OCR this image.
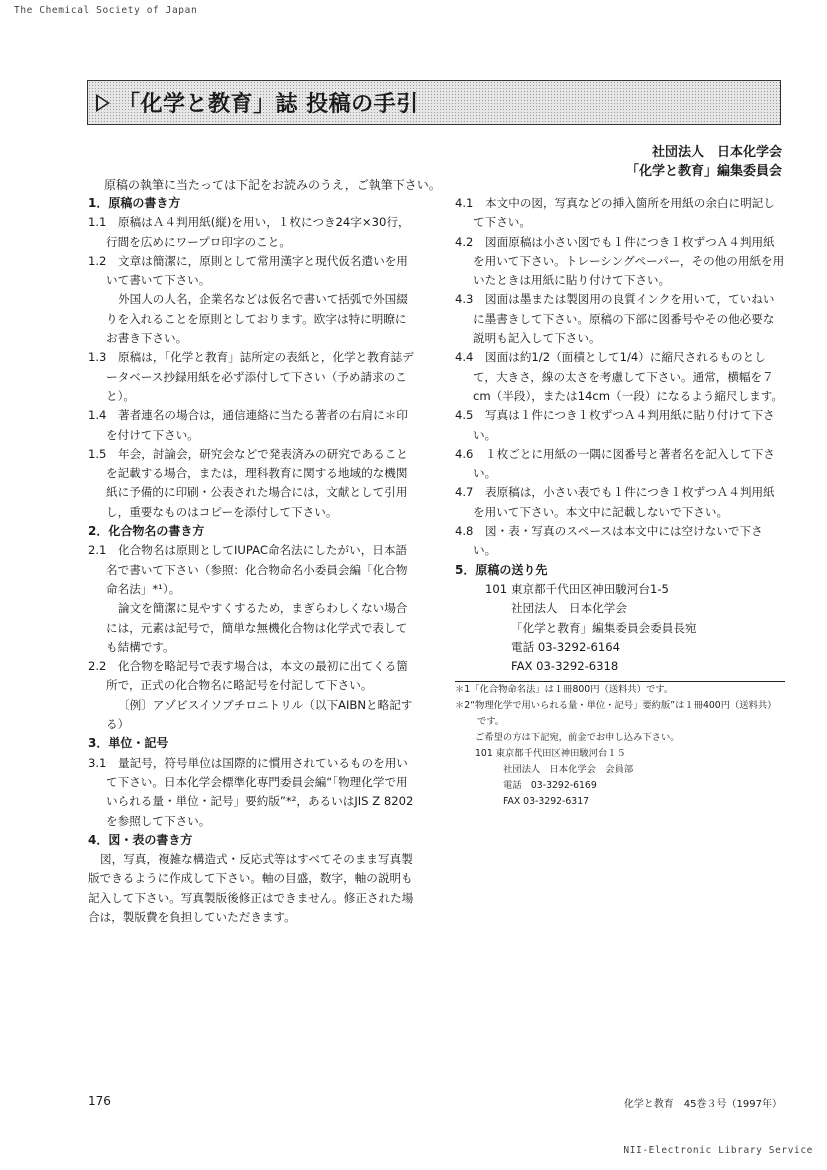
The Chemical Society of Japan
「化学と教育」誌 投稿の手引
社団法人　日本化学会
「化学と教育」編集委員会
原稿の執筆に当たっては下記をお読みのうえ，ご執筆下さい。
1．原稿の書き方
1.1　原稿はＡ４判用紙(縦)を用い，１枚につき24字×30行，行間を広めにワープロ印字のこと。
1.2　文章は簡潔に，原則として常用漢字と現代仮名遣いを用いて書いて下さい。
外国人の人名，企業名などは仮名で書いて括弧で外国綴りを入れることを原則としております。欧字は特に明瞭にお書き下さい。
1.3　原稿は，「化学と教育」誌所定の表紙と，化学と教育誌データベース抄録用紙を必ず添付して下さい（予め請求のこと）。
1.4　著者連名の場合は，通信連絡に当たる著者の右肩に＊印を付けて下さい。
1.5　年会，討論会，研究会などで発表済みの研究であることを記載する場合，または，理科教育に関する地域的な機関紙に予備的に印刷・公表された場合には，文献として引用し，重要なものはコピーを添付して下さい。
2．化合物名の書き方
2.1　化合物名は原則としてIUPAC命名法にしたがい，日本語名で書いて下さい（参照：化合物命名小委員会編「化合物命名法」*¹）。
論文を簡潔に見やすくするため，まぎらわしくない場合には，元素は記号で，簡単な無機化合物は化学式で表しても結構です。
2.2　化合物を略記号で表す場合は，本文の最初に出てくる箇所で，正式の化合物名に略記号を付記して下さい。
〔例〕アゾビスイソブチロニトリル（以下AIBNと略記する）
3．単位・記号
3.1　量記号，符号単位は国際的に慣用されているものを用いて下さい。日本化学会標準化専門委員会編“「物理化学で用いられる量・単位・記号」要約版”*²，あるいはJIS Z 8202を参照して下さい。
4．図・表の書き方
図，写真，複雑な構造式・反応式等はすべてそのまま写真製版できるように作成して下さい。軸の目盛，数字，軸の説明も記入して下さい。写真製版後修正はできません。修正された場合は，製版費を負担していただきます。
4.1　本文中の図，写真などの挿入箇所を用紙の余白に明記して下さい。
4.2　図面原稿は小さい図でも１件につき１枚ずつＡ４判用紙を用いて下さい。トレーシングペーパー，その他の用紙を用いたときは用紙に貼り付けて下さい。
4.3　図面は墨または製図用の良質インクを用いて，ていねいに墨書きして下さい。原稿の下部に図番号やその他必要な説明も記入して下さい。
4.4　図面は約1/2（面積として1/4）に縮尺されるものとして，大きさ，線の太さを考慮して下さい。通常，横幅を７cm（半段），または14cm（一段）になるよう縮尺します。
4.5　写真は１件につき１枚ずつＡ４判用紙に貼り付けて下さい。
4.6　１枚ごとに用紙の一隅に図番号と著者名を記入して下さい。
4.7　表原稿は，小さい表でも１件につき１枚ずつＡ４判用紙を用いて下さい。本文中に記載しないで下さい。
4.8　図・表・写真のスペースは本文中には空けないで下さい。
5．原稿の送り先
101 東京都千代田区神田駿河台1-5
社団法人　日本化学会
「化学と教育」編集委員会委員長宛
電話 03-3292-6164
FAX 03-3292-6318
＊1「化合物命名法」は１冊800円（送料共）です。
＊2“物理化学で用いられる量・単位・記号」要約版”は１冊400円（送料共）です。
ご希望の方は下記宛，前金でお申し込み下さい。
101 東京都千代田区神田駿河台１５
社団法人　日本化学会　会員部
電話　03-3292-6169
FAX 03-3292-6317
176	化学と教育　45巻３号（1997年）
NII-Electronic Library Service
